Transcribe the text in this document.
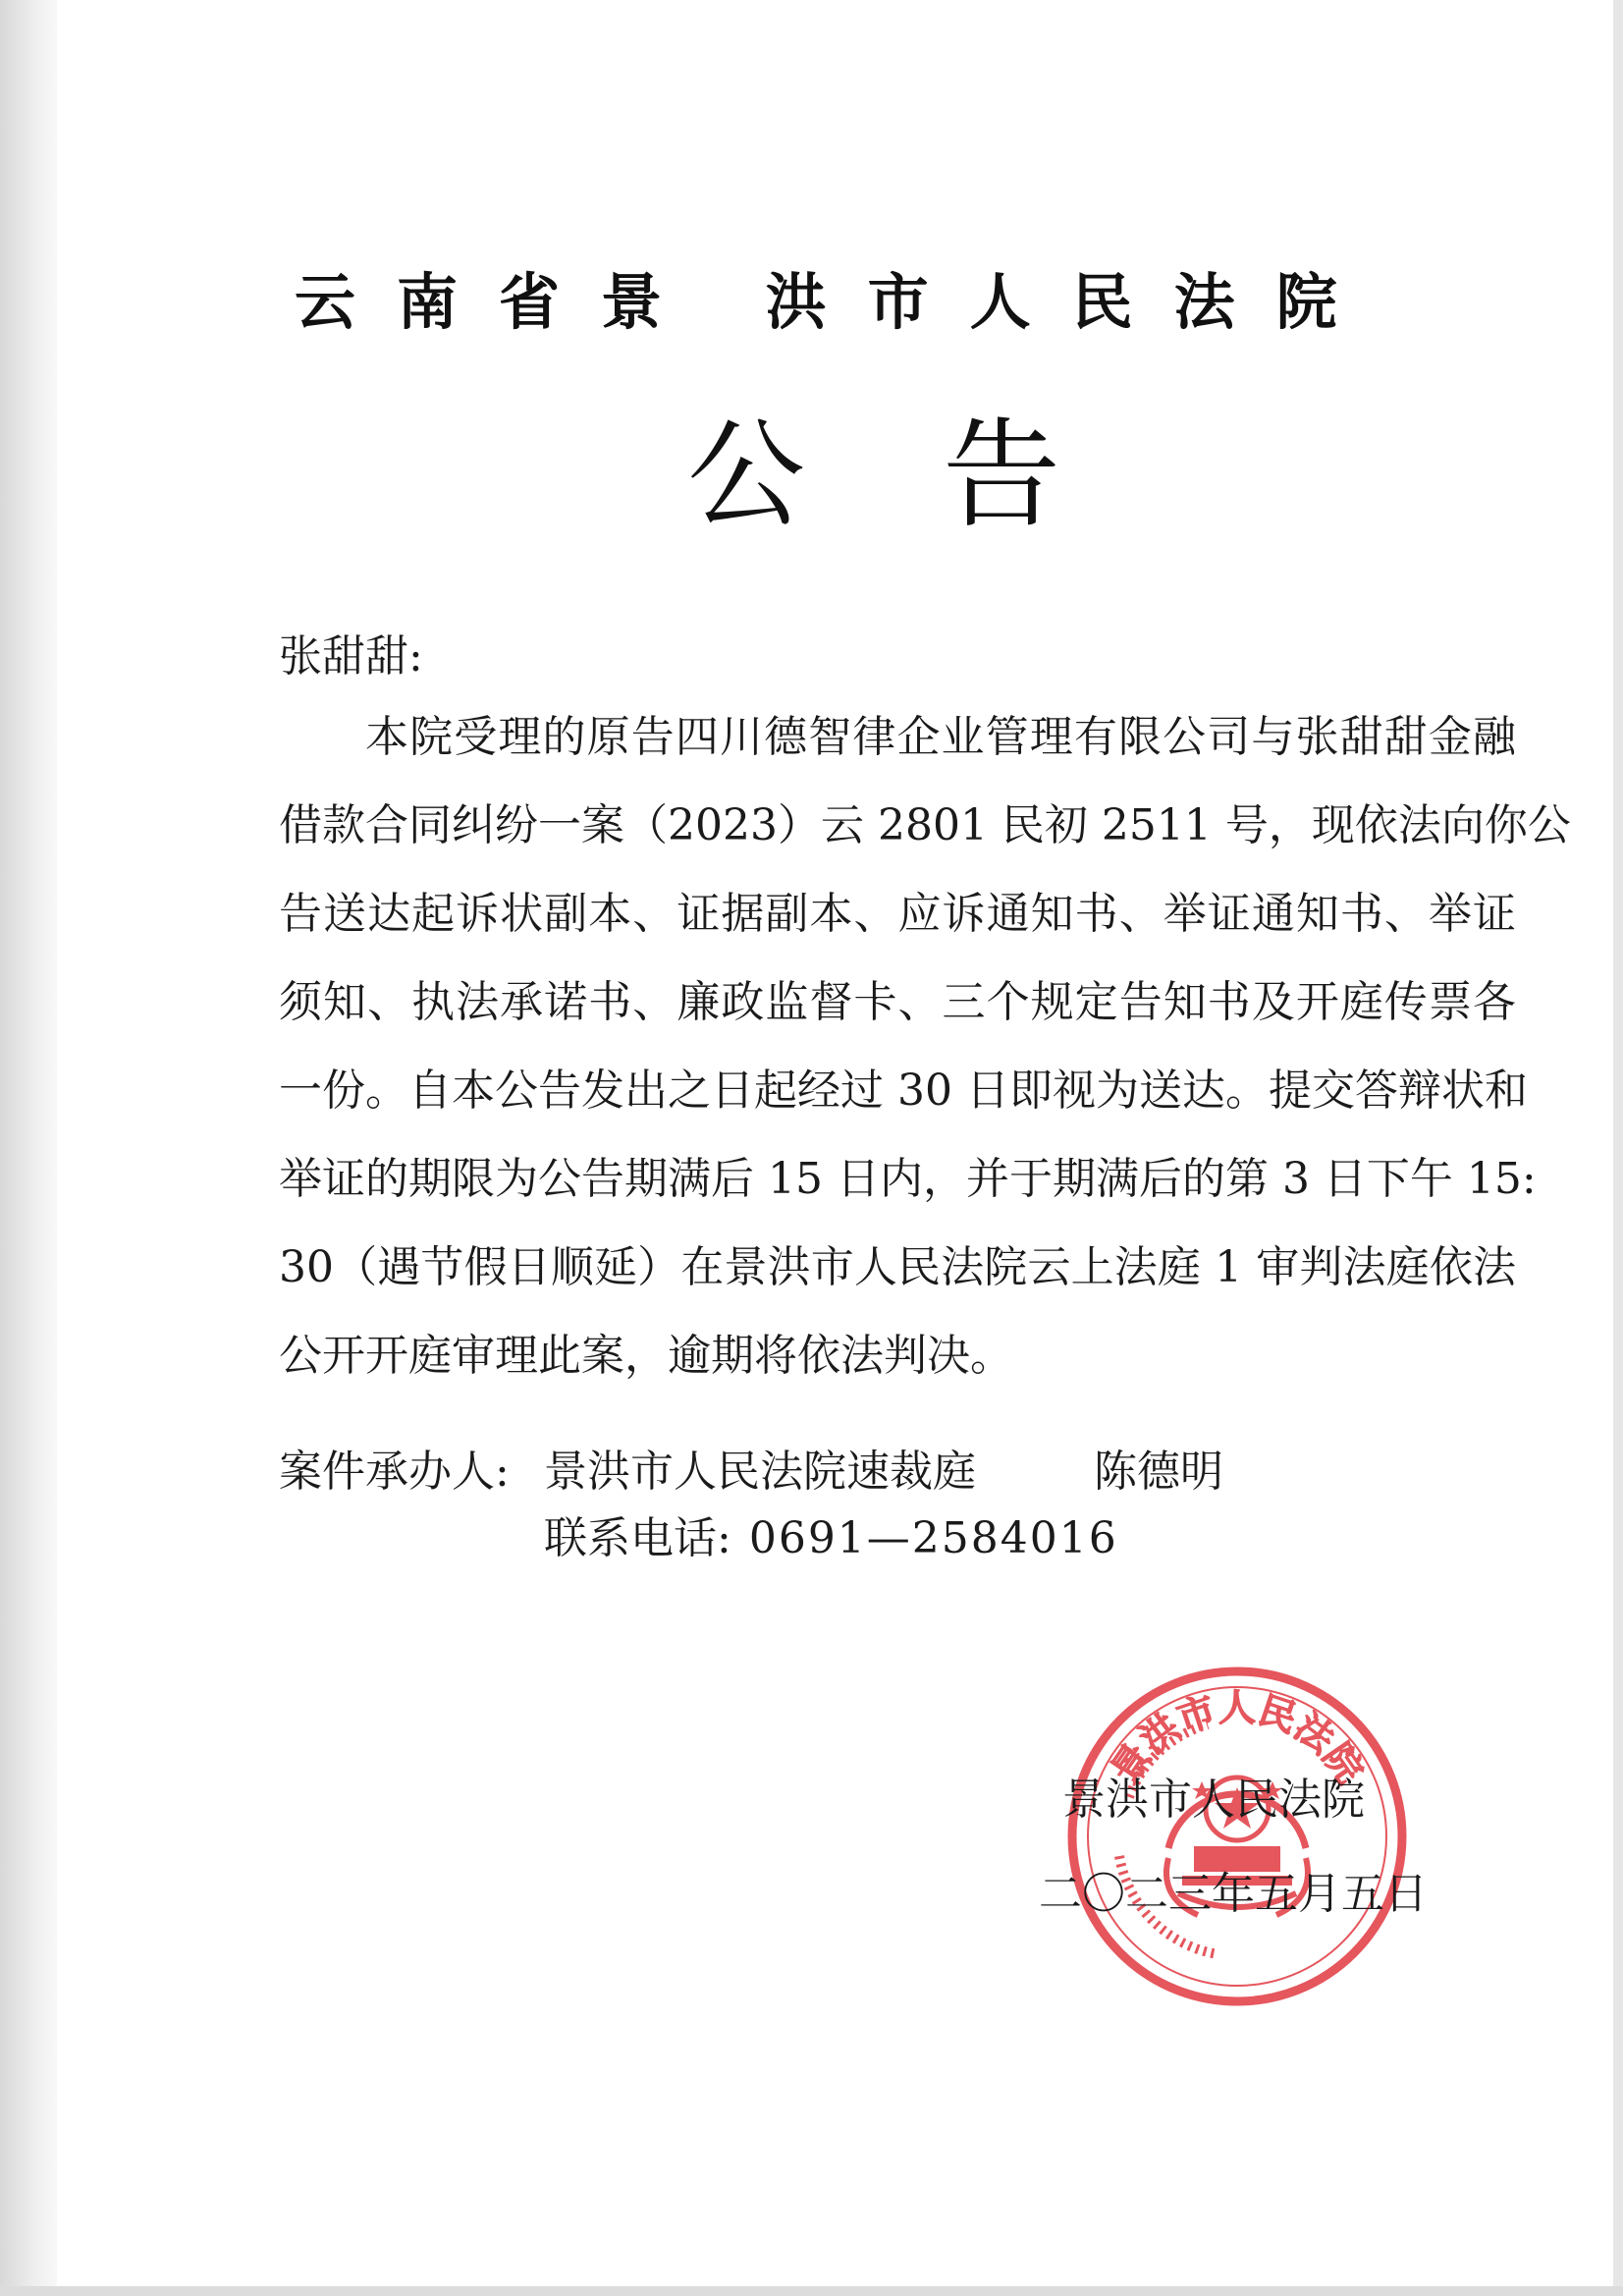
云南省景 洪市人民法院
公告
张甜甜:
本院受理的原告四川德智律企业管理有限公司与张甜甜金融
借款合同纠纷一案（2023）云 2801 民初 2511 号，现依法向你公
告送达起诉状副本、证据副本、应诉通知书、举证通知书、举证
须知、执法承诺书、廉政监督卡、三个规定告知书及开庭传票各
一份。自本公告发出之日起经过 30 日即视为送达。提交答辩状和
举证的期限为公告期满后 15 日内，并于期满后的第 3 日下午 15:
30（遇节假日顺延）在景洪市人民法院云上法庭 1 审判法庭依法
公开开庭审理此案，逾期将依法判决。
案件承办人: 景洪市人民法院速裁庭	陈德明
联系电话: 0691—2584016
景洪市人民法院
景洪市人民法院
二〇二三年五月五日
